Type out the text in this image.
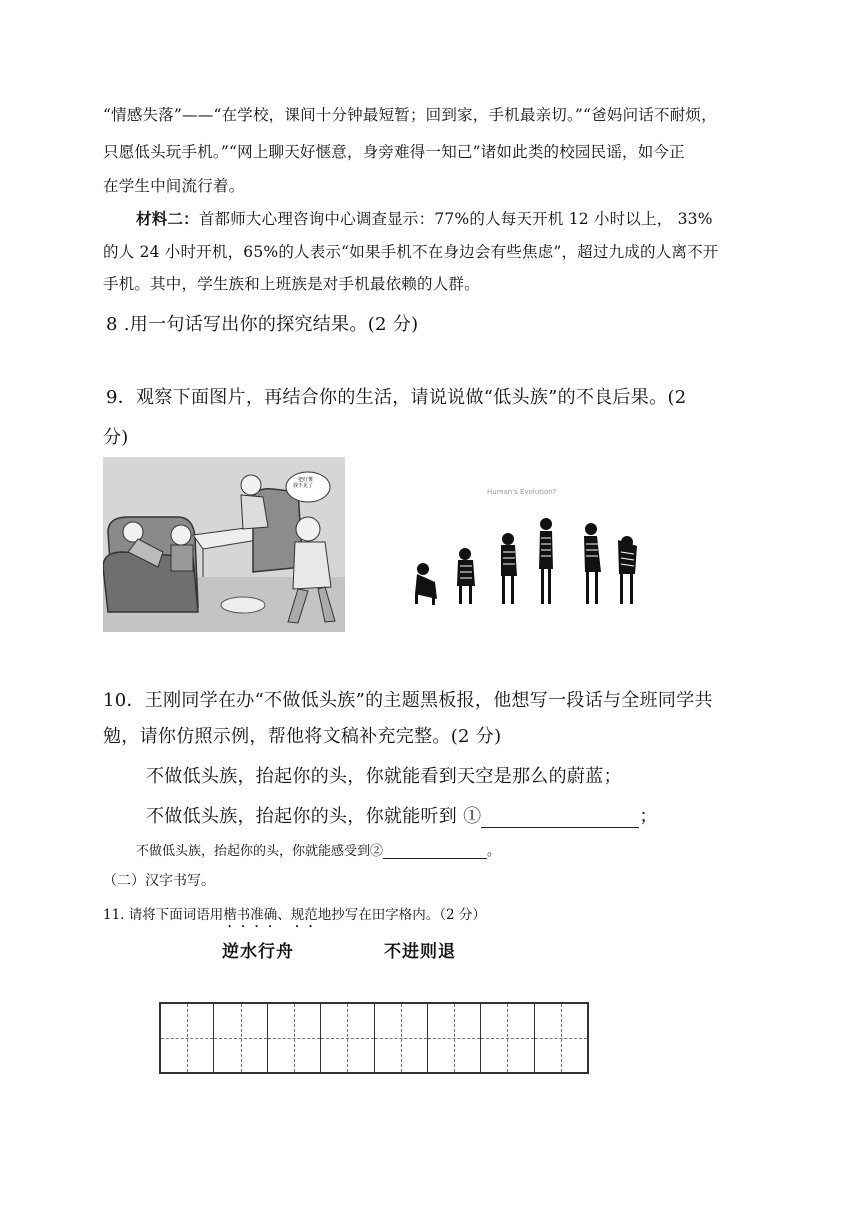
“情感失落”——“在学校，课间十分钟最短暂；回到家，手机最亲切。”“爸妈问话不耐烦，
只愿低头玩手机。”“网上聊天好惬意，身旁难得一知己”诸如此类的校园民谣，如今正
在学生中间流行着。
材料二：首都师大心理咨询中心调查显示：77%的人每天开机 12 小时以上， 33%
的人 24 小时开机，65%的人表示“如果手机不在身边会有些焦虑”，超过九成的人离不开
手机。其中，学生族和上班族是对手机最依赖的人群。
8 .用一句话写出你的探究结果。(2 分)
9．观察下面图片，再结合你的生活，请说说做“低头族”的不良后果。(2
分)
一把红薯
我不见了
Human's Evolution?
10．王刚同学在办“不做低头族”的主题黑板报，他想写一段话与全班同学共
勉，请你仿照示例，帮他将文稿补充完整。(2 分)
不做低头族，抬起你的头，你就能看到天空是那么的蔚蓝；
不做低头族，抬起你的头，你就能听到 ①	；
不做低头族，抬起你的头，你就能感受到②	。
（二）汉字书写。
11. 请将下面词语用楷书准确、规范地抄写在田字格内。（2 分）
逆水行舟	不进则退
